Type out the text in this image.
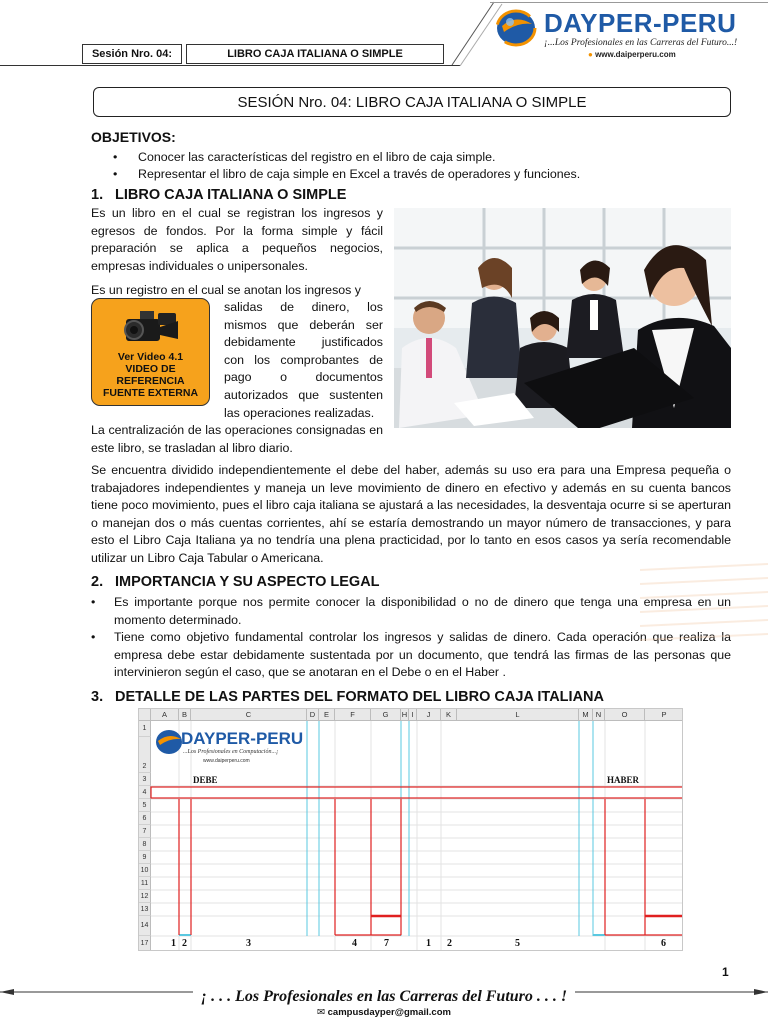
Sesión Nro. 04:	LIBRO CAJA ITALIANA O SIMPLE
DAYPER-PERU
¡...Los Profesionales en las Carreras del Futuro...!
● www.daiperperu.com
SESIÓN Nro. 04: LIBRO CAJA ITALIANA O SIMPLE
OBJETIVOS:
• Conocer las características del registro en el libro de caja simple.
• Representar el libro de caja simple en Excel a través de operadores y funciones.
1. LIBRO CAJA ITALIANA O SIMPLE
Es un libro en el cual se registran los ingresos y egresos de fondos. Por la forma simple y fácil preparación se aplica a pequeños negocios, empresas individuales o unipersonales.
Es un registro en el cual se anotan los ingresos y
Ver Video 4.1
VIDEO DE REFERENCIA
FUENTE EXTERNA
salidas de dinero, los mismos que deberán ser debidamente justificados con los comprobantes de pago o documentos autorizados que sustenten las operaciones realizadas.
La centralización de las operaciones consignadas en este libro, se trasladan al libro diario.
Se encuentra dividido independientemente el debe del haber, además su uso era para una Empresa pequeña o trabajadores independientes y maneja un leve movimiento de dinero en efectivo y además en su cuenta bancos tiene poco movimiento, pues el libro caja italiana se ajustará a las necesidades, la desventaja ocurre si se aperturan o manejan dos o más cuentas corrientes, ahí se estaría demostrando un mayor número de transacciones, y para esto el Libro Caja Italiana ya no tendría una plena practicidad, por lo tanto en esos casos ya sería recomendable utilizar un Libro Caja Tabular o Americana.
2. IMPORTANCIA Y SU ASPECTO LEGAL
• Es importante porque nos permite conocer la disponibilidad o no de dinero que tenga una empresa en un momento determinado.
• Tiene como objetivo fundamental controlar los ingresos y salidas de dinero. Cada operación que realiza la empresa debe estar debidamente sustentada por un documento, que tendrá las firmas de las personas que intervinieron según el caso, que se anotaran en el Debe o en el Haber .
3. DETALLE DE LAS PARTES DEL FORMATO DEL LIBRO CAJA ITALIANA
A	B	C	D	E	F	G	H I	J	K	L	M N	O	P
1
2
3
4
5
6
7
8
9
10
11
12
13
14
17
DAYPER-PERU
...Los Profesionales en Computación...¡
www.daiperperu.com
DEBE	HABER
1 2	3	4	7	1 2	5	6
1
¡ . . . Los Profesionales en las Carreras del Futuro . . . !
✉ campusdayper@gmail.com
